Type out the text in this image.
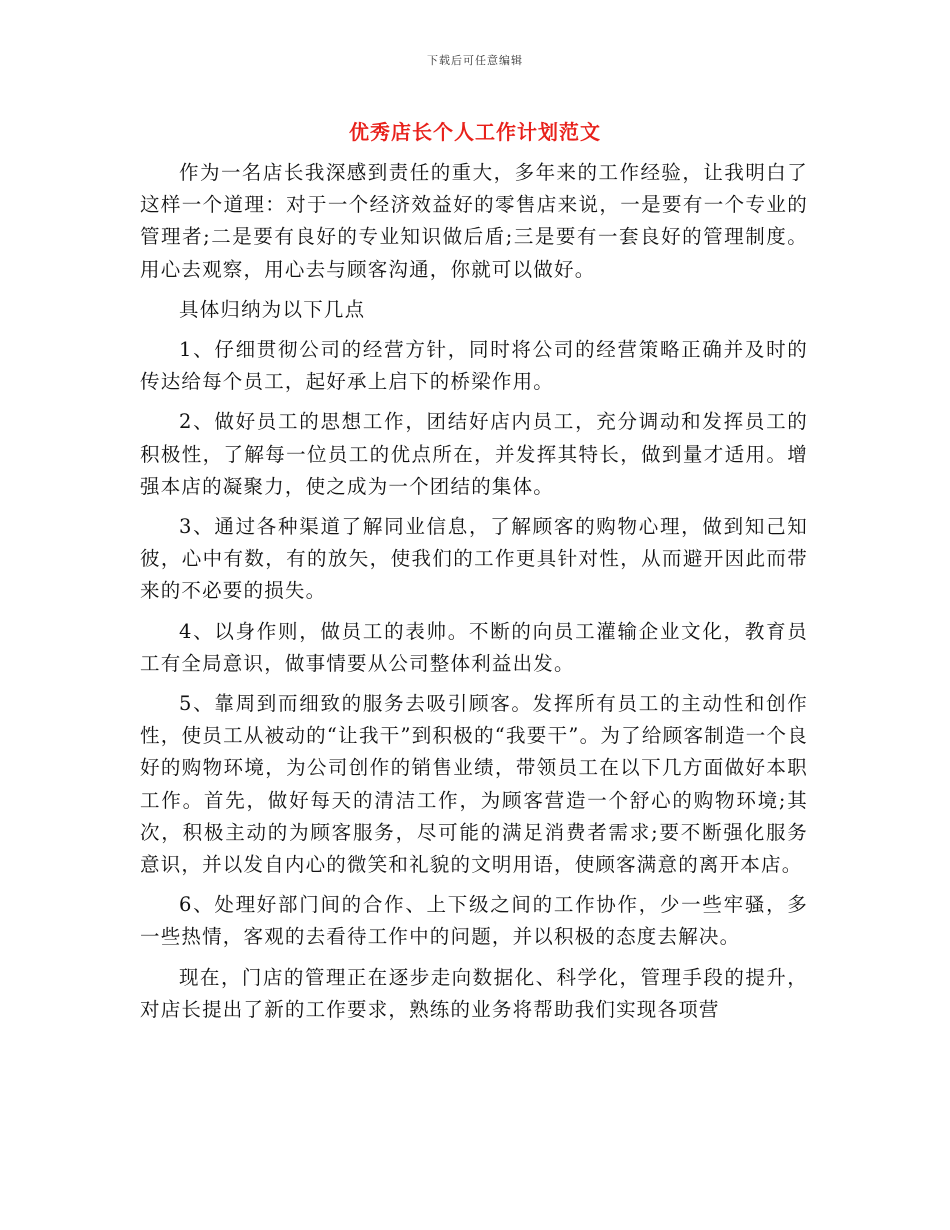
下载后可任意编辑
优秀店长个人工作计划范文

作为一名店长我深感到责任的重大，多年来的工作经验，让我明白了这样一个道理：对于一个经济效益好的零售店来说，一是要有一个专业的管理者;二是要有良好的专业知识做后盾;三是要有一套良好的管理制度。用心去观察，用心去与顾客沟通，你就可以做好。

具体归纳为以下几点

1、仔细贯彻公司的经营方针，同时将公司的经营策略正确并及时的传达给每个员工，起好承上启下的桥梁作用。

2、做好员工的思想工作，团结好店内员工，充分调动和发挥员工的积极性，了解每一位员工的优点所在，并发挥其特长，做到量才适用。增强本店的凝聚力，使之成为一个团结的集体。

3、通过各种渠道了解同业信息，了解顾客的购物心理，做到知己知彼，心中有数，有的放矢，使我们的工作更具针对性，从而避开因此而带来的不必要的损失。

4、以身作则，做员工的表帅。不断的向员工灌输企业文化，教育员工有全局意识，做事情要从公司整体利益出发。

5、靠周到而细致的服务去吸引顾客。发挥所有员工的主动性和创作性，使员工从被动的“让我干”到积极的“我要干”。为了给顾客制造一个良好的购物环境，为公司创作的销售业绩，带领员工在以下几方面做好本职工作。首先，做好每天的清洁工作，为顾客营造一个舒心的购物环境;其次，积极主动的为顾客服务，尽可能的满足消费者需求;要不断强化服务意识，并以发自内心的微笑和礼貌的文明用语，使顾客满意的离开本店。

6、处理好部门间的合作、上下级之间的工作协作，少一些牢骚，多一些热情，客观的去看待工作中的问题，并以积极的态度去解决。

现在，门店的管理正在逐步走向数据化、科学化，管理手段的提升，对店长提出了新的工作要求，熟练的业务将帮助我们实现各项营
